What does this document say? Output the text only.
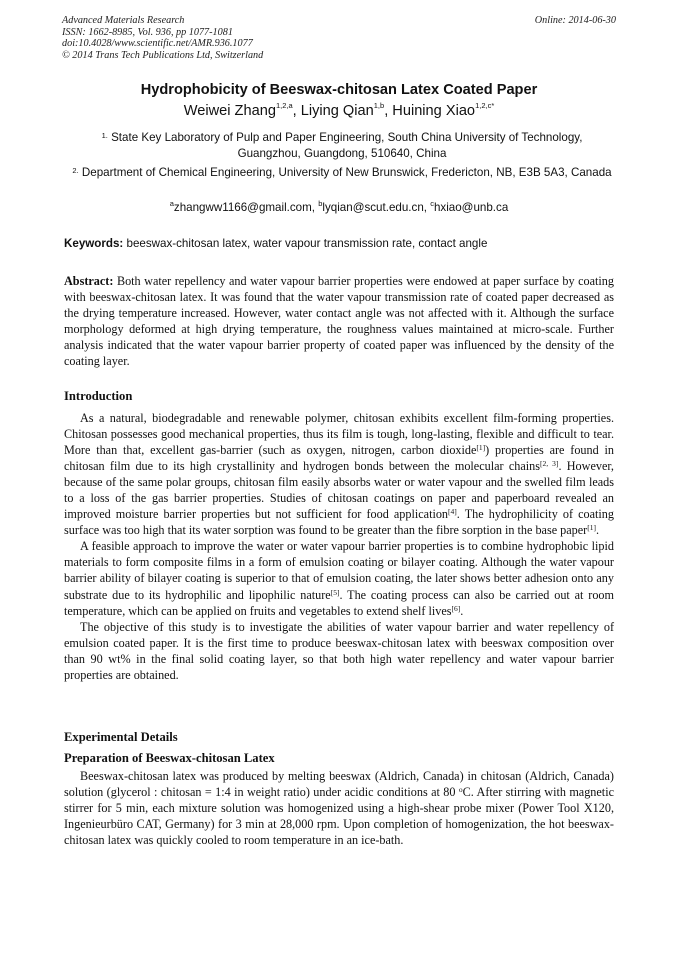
Advanced Materials Research
ISSN: 1662-8985, Vol. 936, pp 1077-1081
doi:10.4028/www.scientific.net/AMR.936.1077
© 2014 Trans Tech Publications Ltd, Switzerland
Online: 2014-06-30
Hydrophobicity of Beeswax-chitosan Latex Coated Paper
Weiwei Zhang$^{1,2,a}$, Liying Qian$^{1,b}$, Huining Xiao$^{1,2,c*}$
$^{1.}$ State Key Laboratory of Pulp and Paper Engineering, South China University of Technology, Guangzhou, Guangdong, 510640, China
$^{2.}$ Department of Chemical Engineering, University of New Brunswick, Fredericton, NB, E3B 5A3, Canada
$^a$zhangww1166@gmail.com, $^b$lyqian@scut.edu.cn, $^c$hxiao@unb.ca
Keywords: beeswax-chitosan latex, water vapour transmission rate, contact angle
Abstract: Both water repellency and water vapour barrier properties were endowed at paper surface by coating with beeswax-chitosan latex. It was found that the water vapour transmission rate of coated paper decreased as the drying temperature increased. However, water contact angle was not affected with it. Although the surface morphology deformed at high drying temperature, the roughness values maintained at micro-scale. Further analysis indicated that the water vapour barrier property of coated paper was influenced by the density of the coating layer.
Introduction

As a natural, biodegradable and renewable polymer, chitosan exhibits excellent film-forming properties. Chitosan possesses good mechanical properties, thus its film is tough, long-lasting, flexible and difficult to tear. More than that, excellent gas-barrier (such as oxygen, nitrogen, carbon dioxide[1]) properties are found in chitosan film due to its high crystallinity and hydrogen bonds between the molecular chains[2, 3]. However, because of the same polar groups, chitosan film easily absorbs water or water vapour and the swelled film leads to a loss of the gas barrier properties. Studies of chitosan coatings on paper and paperboard revealed an improved moisture barrier properties but not sufficient for food application[4]. The hydrophilicity of coating surface was too high that its water sorption was found to be greater than the fibre sorption in the base paper[1].

A feasible approach to improve the water or water vapour barrier properties is to combine hydrophobic lipid materials to form composite films in a form of emulsion coating or bilayer coating. Although the water vapour barrier ability of bilayer coating is superior to that of emulsion coating, the later shows better adhesion onto any substrate due to its hydrophilic and lipophilic nature[5]. The coating process can also be carried out at room temperature, which can be applied on fruits and vegetables to extend shelf lives[6].

The objective of this study is to investigate the abilities of water vapour barrier and water repellency of emulsion coated paper. It is the first time to produce beeswax-chitosan latex with beeswax composition over than 90 wt% in the final solid coating layer, so that both high water repellency and water vapour barrier properties are obtained.

Experimental Details
Preparation of Beeswax-chitosan Latex

Beeswax-chitosan latex was produced by melting beeswax (Aldrich, Canada) in chitosan (Aldrich, Canada) solution (glycerol : chitosan = 1:4 in weight ratio) under acidic conditions at 80 $^o$C. After stirring with magnetic stirrer for 5 min, each mixture solution was homogenized using a high-shear probe mixer (Power Tool X120, Ingenieurbüro CAT, Germany) for 3 min at 28,000 rpm. Upon completion of homogenization, the hot beeswax-chitosan latex was quickly cooled to room temperature in an ice-bath.
